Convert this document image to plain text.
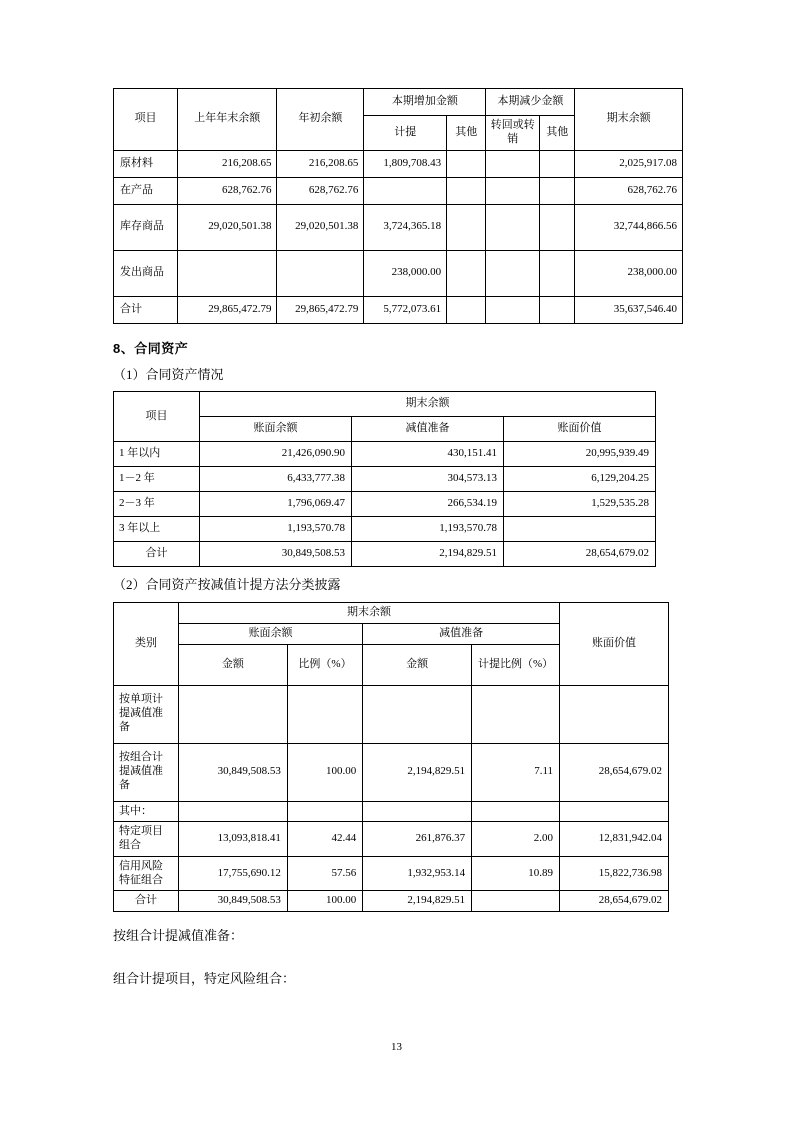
项目	上年年末余额	年初余额	本期增加金额		本期减少金额		期末余额
			计提	其他	转回或转销	其他	
原材料	216,208.65	216,208.65	1,809,708.43				2,025,917.08
在产品	628,762.76	628,762.76					628,762.76
库存商品	29,020,501.38	29,020,501.38	3,724,365.18				32,744,866.56
发出商品			238,000.00				238,000.00
合计	29,865,472.79	29,865,472.79	5,772,073.61				35,637,546.40
8、合同资产
（1）合同资产情况
项目	期末余额		
	账面余额	减值准备	账面价值
1 年以内	21,426,090.90	430,151.41	20,995,939.49
1－2 年	6,433,777.38	304,573.13	6,129,204.25
2－3 年	1,796,069.47	266,534.19	1,529,535.28
3 年以上	1,193,570.78	1,193,570.78	
合计	30,849,508.53	2,194,829.51	28,654,679.02
（2）合同资产按减值计提方法分类披露
类别	期末余额				账面价值
	账面余额		减值准备		
	金额	比例（%）	金额	计提比例（%）	
按单项计提减值准备					
按组合计提减值准备	30,849,508.53	100.00	2,194,829.51	7.11	28,654,679.02
其中：					
特定项目组合	13,093,818.41	42.44	261,876.37	2.00	12,831,942.04
信用风险特征组合	17,755,690.12	57.56	1,932,953.14	10.89	15,822,736.98
合计	30,849,508.53	100.00	2,194,829.51		28,654,679.02
按组合计提减值准备：
组合计提项目，特定风险组合：
13
